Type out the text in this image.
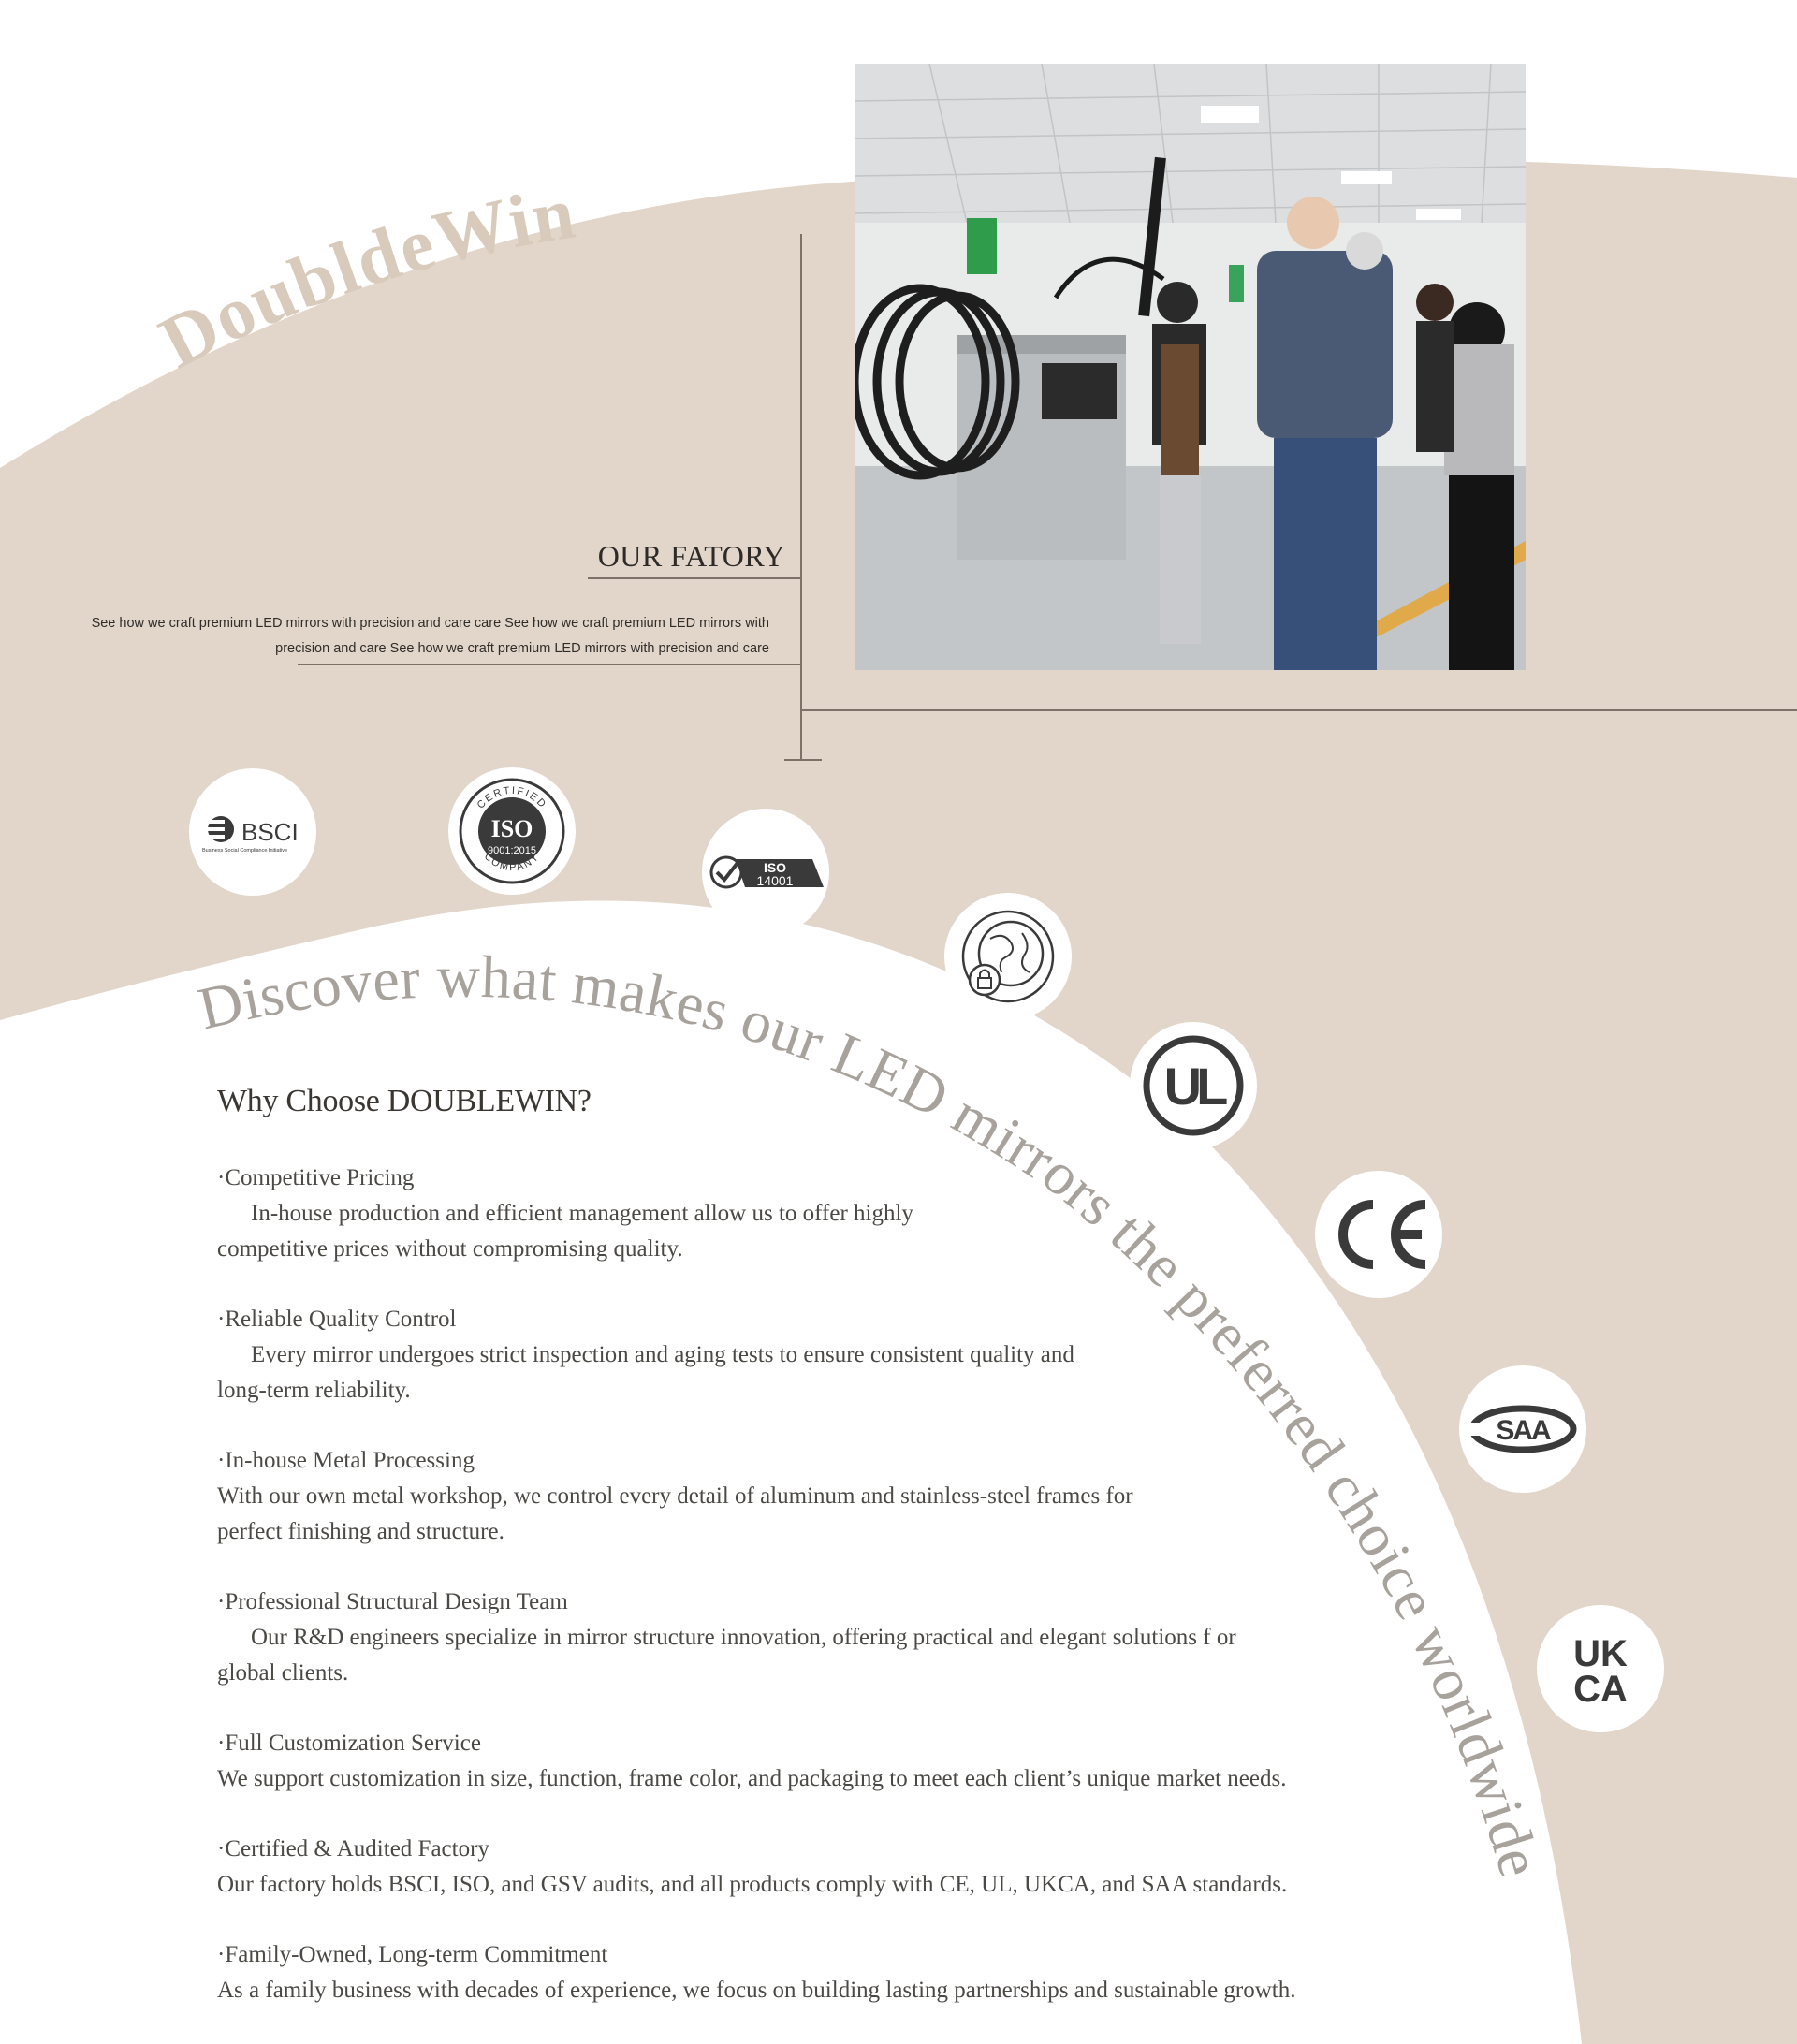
DoubldeWin
Discover what makes our LED mirrors the preferred choice worldwide
OUR FATORY
See how we craft premium LED mirrors with precision and care care See how we craft premium LED mirrors with precision and care See how we craft premium LED mirrors with precision and care
BSCI
Business Social Compliance Initiative
CERTIFIED
COMPANY
ISO
9001:2015
ISO
14001
UL
SAA
UK
CA
Why Choose DOUBLEWIN?
·Competitive Pricing
In-house production and efficient management allow us to offer highly competitive prices without compromising quality.
·Reliable Quality Control
Every mirror undergoes strict inspection and aging tests to ensure consistent quality and long-term reliability.
·In-house Metal Processing
With our own metal workshop, we control every detail of aluminum and stainless-steel frames for perfect finishing and structure.
·Professional Structural Design Team
Our R&D engineers specialize in mirror structure innovation, offering practical and elegant solutions f or global clients.
·Full Customization Service
We support customization in size, function, frame color, and packaging to meet each client’s unique market needs.
·Certified & Audited Factory
Our factory holds BSCI, ISO, and GSV audits, and all products comply with CE, UL, UKCA, and SAA standards.
·Family-Owned, Long-term Commitment
As a family business with decades of experience, we focus on building lasting partnerships and sustainable growth.
